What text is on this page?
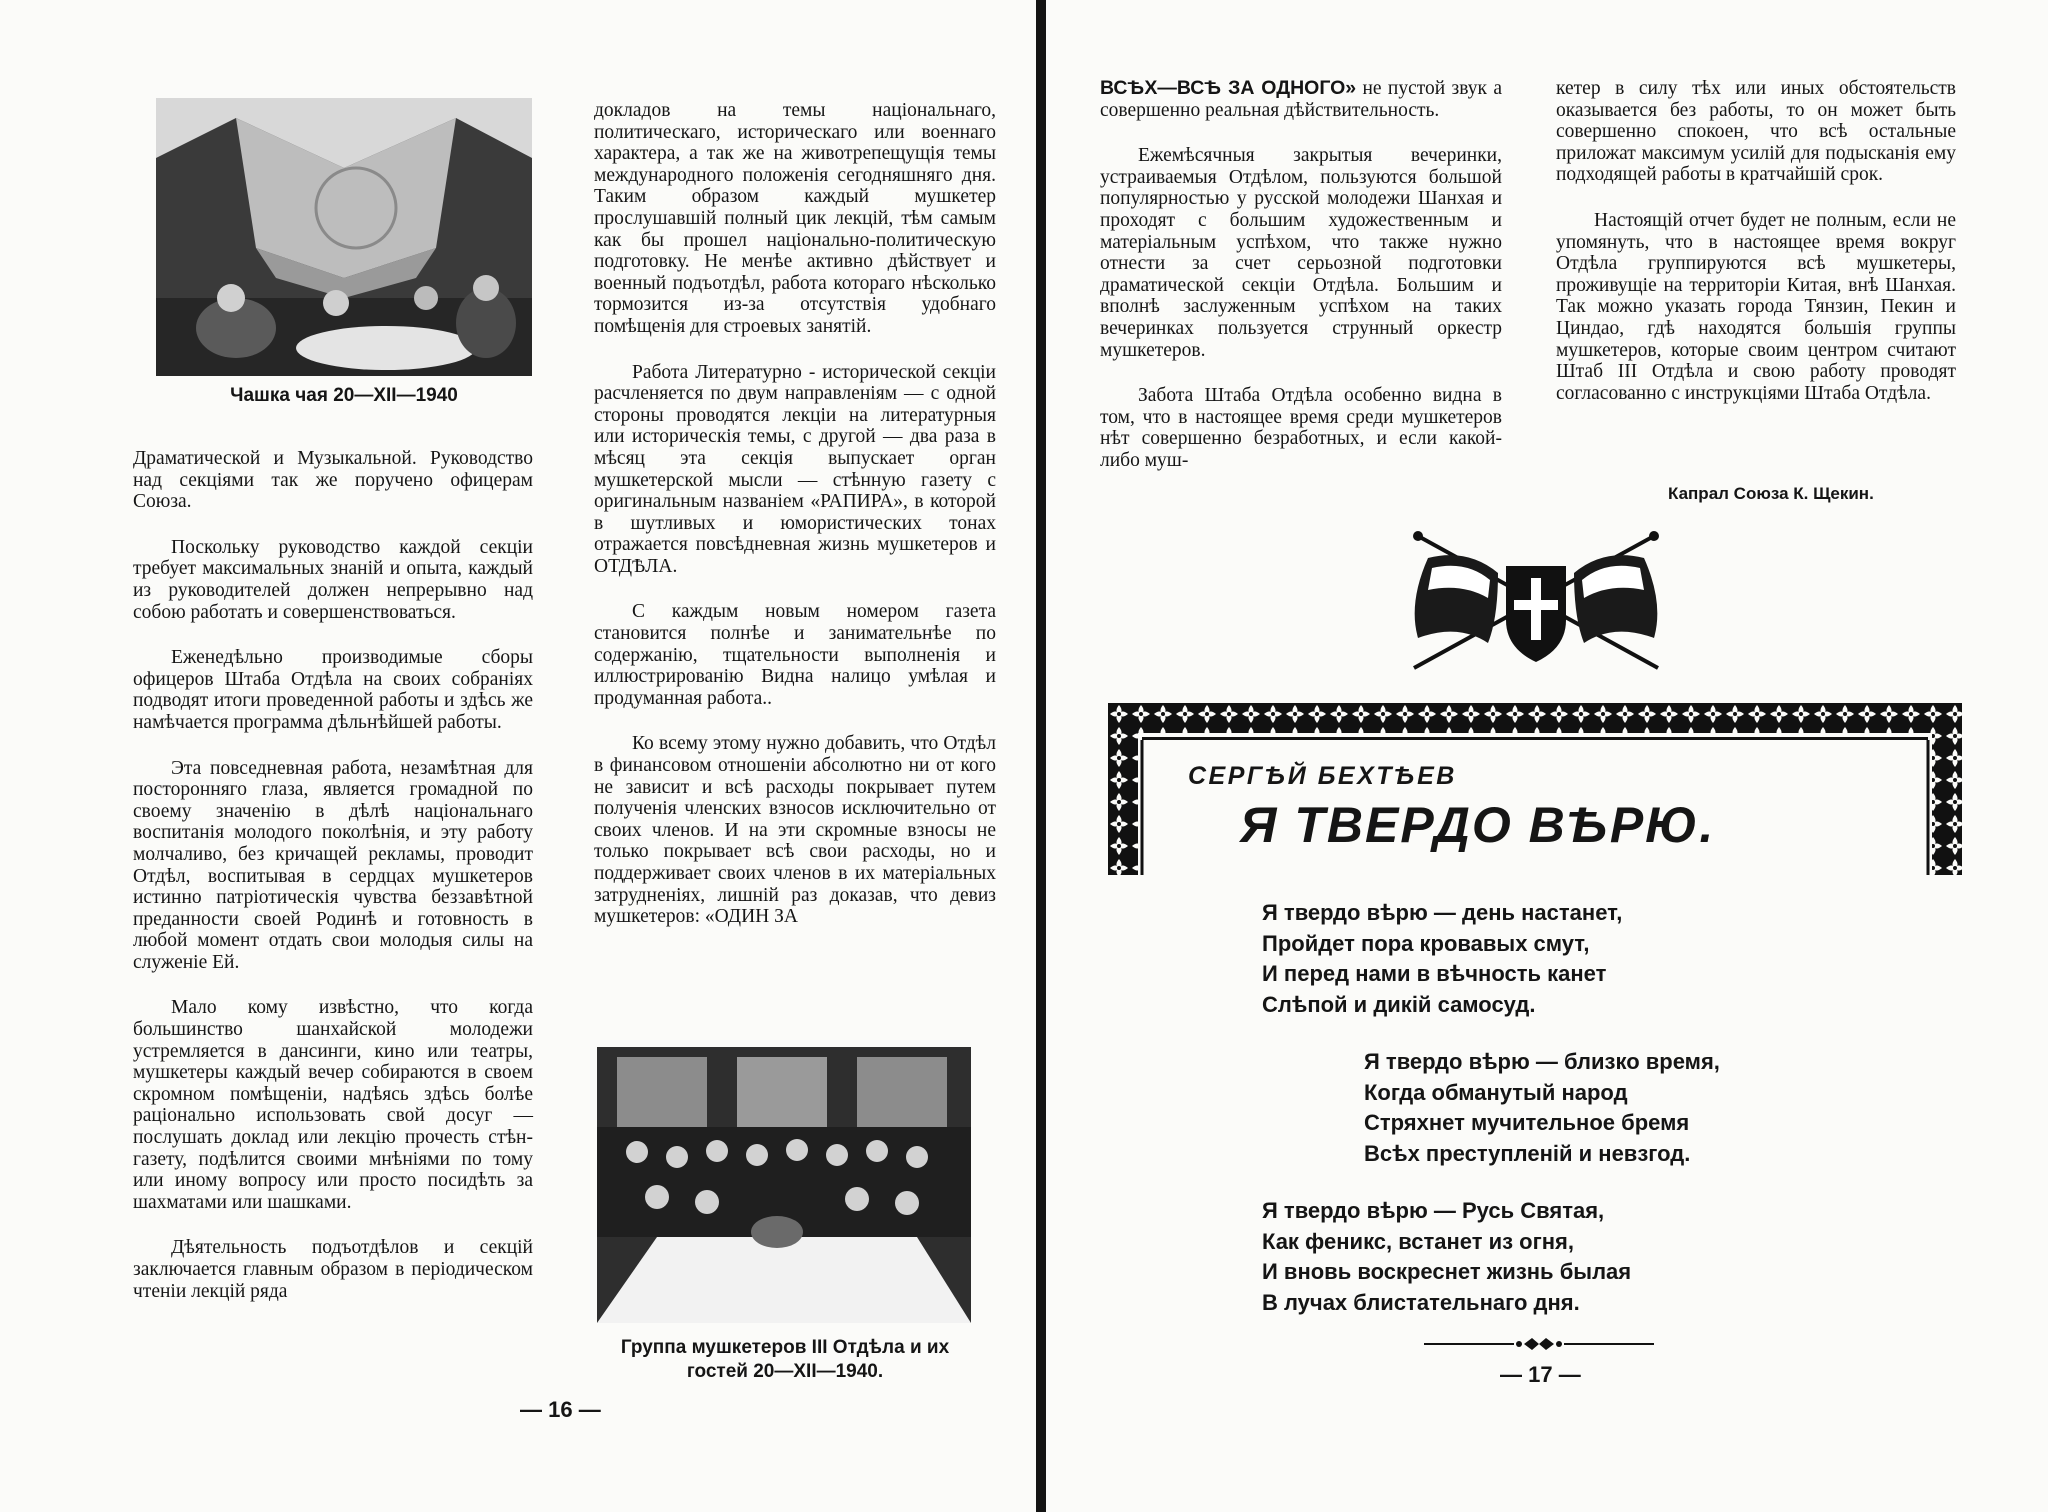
Чашка чая 20—XII—1940

Драматической и Музыкальной. Руководство над секціями так же поручено офицерам Союза.

Поскольку руководство каждой секціи требует максимальных знаній и опыта, каждый из руководителей должен непрерывно над собою работать и совершенствоваться.

Еженедѣльно производимые сборы офицеров Штаба Отдѣла на своих собраніях подводят итоги проведенной работы и здѣсь же намѣчается программа дѣльнѣйшей работы.

Эта повседневная работа, незамѣтная для посторонняго глаза, является громадной по своему значенію в дѣлѣ національнаго воспитанія молодого поколѣнія, и эту работу молчаливо, без кричащей рекламы, проводит Отдѣл, воспитывая в сердцах мушкетеров истинно патріотическія чувства беззавѣтной преданности своей Родинѣ и готовность в любой момент отдать свои молодыя силы на служеніе Ей.

Мало кому извѣстно, что когда большинство шанхайской молодежи устремляется в дансинги, кино или театры, мушкетеры каждый вечер собираются в своем скромном помѣщеніи, надѣясь здѣсь болѣе раціонально использовать свой досуг — послушать доклад или лекцію прочесть стѣн-газету, подѣлится своими мнѣніями по тому или иному вопросу или просто посидѣть за шахматами или шашками.

Дѣятельность подъотдѣлов и секцій заключается главным образом в періодическом чтеніи лекцій ряда

докладов на темы національнаго, политическаго, историческаго или военнаго характера, а так же на животрепещущія темы международного положенія сегодняшняго дня. Таким образом каждый мушкетер прослушавшій полный цик лекцій, тѣм самым как бы прошел національно-политическую подготовку. Не менѣе активно дѣйствует и военный подъотдѣл, работа котораго нѣсколько тормозится из-за отсутствія удобнаго помѣщенія для строевых занятій.

Работа Литературно - исторической секціи расчленяется по двум направленіям — с одной стороны проводятся лекціи на литературныя или историческія темы, с другой — два раза в мѣсяц эта секція выпускает орган мушкетерской мысли — стѣнную газету с оригинальным названіем «РАПИРА», в которой в шутливых и юмористических тонах отражается повсѣдневная жизнь мушкетеров и ОТДѢЛА.

С каждым новым номером газета становится полнѣе и занимательнѣе по содержанію, тщательности выполненія и иллюстрированію Видна налицо умѣлая и продуманная работа..

Ко всему этому нужно добавить, что Отдѣл в финансовом отношеніи абсолютно ни от кого не зависит и всѣ расходы покрывает путем полученія членских взносов исключительно от своих членов. И на эти скромные взносы не только покрывает всѣ свои расходы, но и поддерживает своих членов в их матеріальных затрудненіях, лишній раз доказав, что девиз мушкетеров: «ОДИН ЗА

Группа мушкетеров III Отдѣла и их гостей 20—XII—1940.
— 16 —

ВСѢХ—ВСѢ ЗА ОДНОГО» не пустой звук а совершенно реальная дѣйствительность.

Ежемѣсячныя закрытыя вечеринки, устраиваемыя Отдѣлом, пользуются большой популярностью у русской молодежи Шанхая и проходят с большим художественным и матеріальным успѣхом, что также нужно отнести за счет серьозной подготовки драматической секціи Отдѣла. Большим и вполнѣ заслуженным успѣхом на таких вечеринках пользуется струнный оркестр мушкетеров.

Забота Штаба Отдѣла особенно видна в том, что в настоящее время среди мушкетеров нѣт совершенно безработных, и если какой-либо муш-

кетер в силу тѣх или иных обстоятельств оказывается без работы, то он может быть совершенно спокоен, что всѣ остальные приложат максимум усилій для подысканія ему подходящей работы в кратчайшій срок.

Настоящій отчет будет не полным, если не упомянуть, что в настоящее время вокруг Отдѣла группируются всѣ мушкетеры, проживущіе на территоріи Китая, внѣ Шанхая. Так можно указать города Тянзин, Пекин и Циндао, гдѣ находятся большія группы мушкетеров, которые своим центром считают Штаб III Отдѣла и свою работу проводят согласованно с инструкціями Штаба Отдѣла.

Капрал Союза К. Щекин.
СЕРГѢЙ БЕХТѢЕВ
Я ТВЕРДО ВѢРЮ.
Я твердо вѣрю — день настанет,
Пройдет пора кровавых смут,
И перед нами в вѣчность канет
Слѣпой и дикій самосуд.
Я твердо вѣрю — близко время,
Когда обманутый народ
Стряхнет мучительное бремя
Всѣх преступленій и невзгод.
Я твердо вѣрю — Русь Святая,
Как феникс, встанет из огня,
И вновь воскреснет жизнь былая
В лучах блистательнаго дня.
— 17 —
